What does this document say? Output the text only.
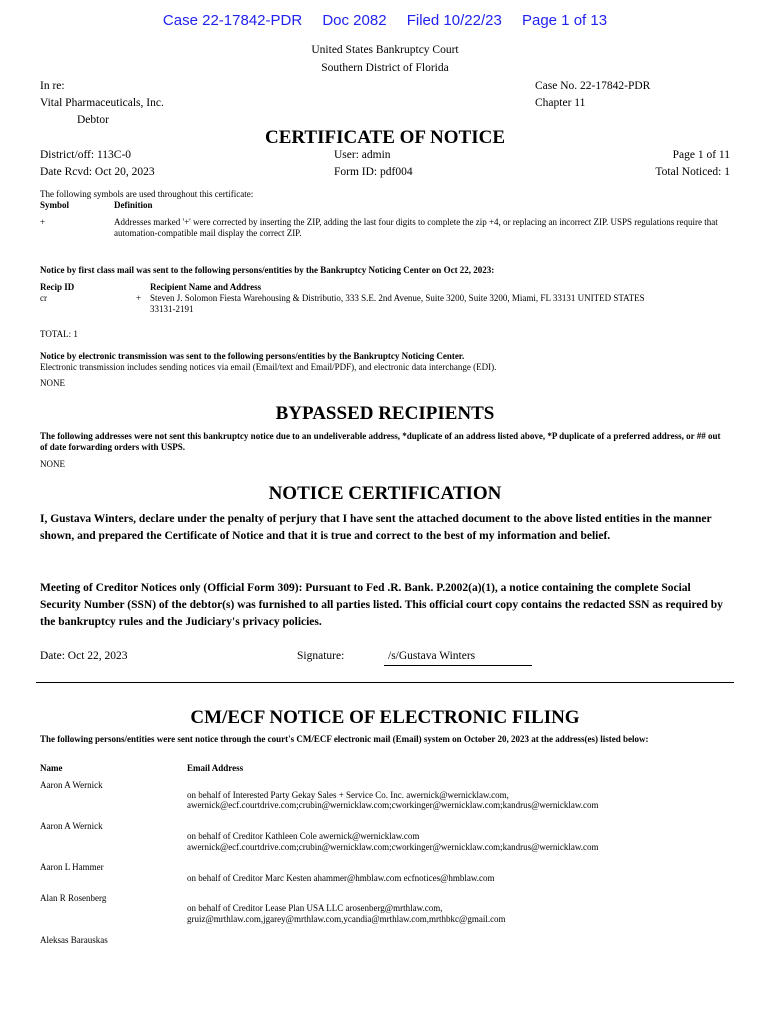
Case 22-17842-PDR Doc 2082 Filed 10/22/23 Page 1 of 13
United States Bankruptcy Court
Southern District of Florida
In re:
Vital Pharmaceuticals, Inc.
Debtor
Case No. 22-17842-PDR
Chapter 11
CERTIFICATE OF NOTICE
District/off: 113C-0
Date Rcvd: Oct 20, 2023
User: admin
Form ID: pdf004
Page 1 of 11
Total Noticed: 1
The following symbols are used throughout this certificate:
Symbol	Definition
+	Addresses marked '+' were corrected by inserting the ZIP, adding the last four digits to complete the zip +4, or replacing an incorrect ZIP. USPS regulations require that automation-compatible mail display the correct ZIP.
Notice by first class mail was sent to the following persons/entities by the Bankruptcy Noticing Center on Oct 22, 2023:
Recip ID	Recipient Name and Address
cr	+ Steven J. Solomon Fiesta Warehousing & Distributio, 333 S.E. 2nd Avenue, Suite 3200, Suite 3200, Miami, FL 33131 UNITED STATES
33131-2191
TOTAL: 1
Notice by electronic transmission was sent to the following persons/entities by the Bankruptcy Noticing Center.
Electronic transmission includes sending notices via email (Email/text and Email/PDF), and electronic data interchange (EDI).
NONE
BYPASSED RECIPIENTS
The following addresses were not sent this bankruptcy notice due to an undeliverable address, *duplicate of an address listed above, *P duplicate of a preferred address, or ## out of date forwarding orders with USPS.
NONE
NOTICE CERTIFICATION
I, Gustava Winters, declare under the penalty of perjury that I have sent the attached document to the above listed entities in the manner shown, and prepared the Certificate of Notice and that it is true and correct to the best of my information and belief.
Meeting of Creditor Notices only (Official Form 309): Pursuant to Fed .R. Bank. P.2002(a)(1), a notice containing the complete Social Security Number (SSN) of the debtor(s) was furnished to all parties listed. This official court copy contains the redacted SSN as required by the bankruptcy rules and the Judiciary's privacy policies.
Date: Oct 22, 2023	Signature:	/s/Gustava Winters
CM/ECF NOTICE OF ELECTRONIC FILING
The following persons/entities were sent notice through the court's CM/ECF electronic mail (Email) system on October 20, 2023 at the address(es) listed below:
Name	Email Address
Aaron A Wernick
on behalf of Interested Party Gekay Sales + Service Co. Inc. awernick@wernicklaw.com,
awernick@ecf.courtdrive.com;crubin@wernicklaw.com;cworkinger@wernicklaw.com;kandrus@wernicklaw.com
Aaron A Wernick
on behalf of Creditor Kathleen Cole awernick@wernicklaw.com
awernick@ecf.courtdrive.com;crubin@wernicklaw.com;cworkinger@wernicklaw.com;kandrus@wernicklaw.com
Aaron L Hammer
on behalf of Creditor Marc Kesten ahammer@hmblaw.com ecfnotices@hmblaw.com
Alan R Rosenberg
on behalf of Creditor Lease Plan USA LLC arosenberg@mrthlaw.com,
gruiz@mrthlaw.com,jgarey@mrthlaw.com,ycandia@mrthlaw.com,mrthbkc@gmail.com
Aleksas Barauskas
